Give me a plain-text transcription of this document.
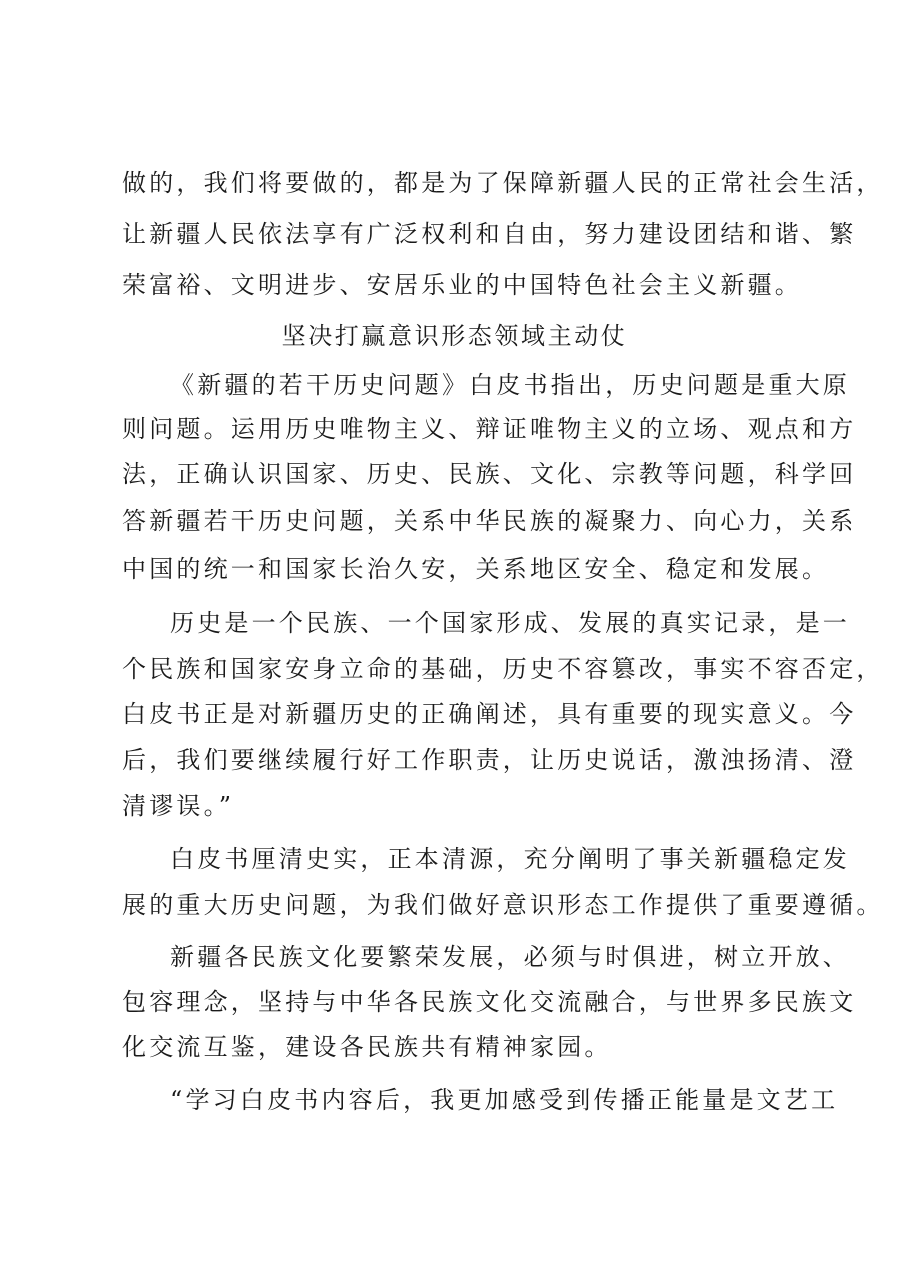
做的，我们将要做的，都是为了保障新疆人民的正常社会生活，
让新疆人民依法享有广泛权利和自由，努力建设团结和谐、繁
荣富裕、文明进步、安居乐业的中国特色社会主义新疆。
坚决打赢意识形态领域主动仗
《新疆的若干历史问题》白皮书指出，历史问题是重大原
则问题。运用历史唯物主义、辩证唯物主义的立场、观点和方
法，正确认识国家、历史、民族、文化、宗教等问题，科学回
答新疆若干历史问题，关系中华民族的凝聚力、向心力，关系
中国的统一和国家长治久安，关系地区安全、稳定和发展。
历史是一个民族、一个国家形成、发展的真实记录，是一
个民族和国家安身立命的基础，历史不容篡改，事实不容否定，
白皮书正是对新疆历史的正确阐述，具有重要的现实意义。今
后，我们要继续履行好工作职责，让历史说话，激浊扬清、澄
清谬误。”
白皮书厘清史实，正本清源，充分阐明了事关新疆稳定发
展的重大历史问题，为我们做好意识形态工作提供了重要遵循。
新疆各民族文化要繁荣发展，必须与时俱进，树立开放、
包容理念，坚持与中华各民族文化交流融合，与世界多民族文
化交流互鉴，建设各民族共有精神家园。
“学习白皮书内容后，我更加感受到传播正能量是文艺工
